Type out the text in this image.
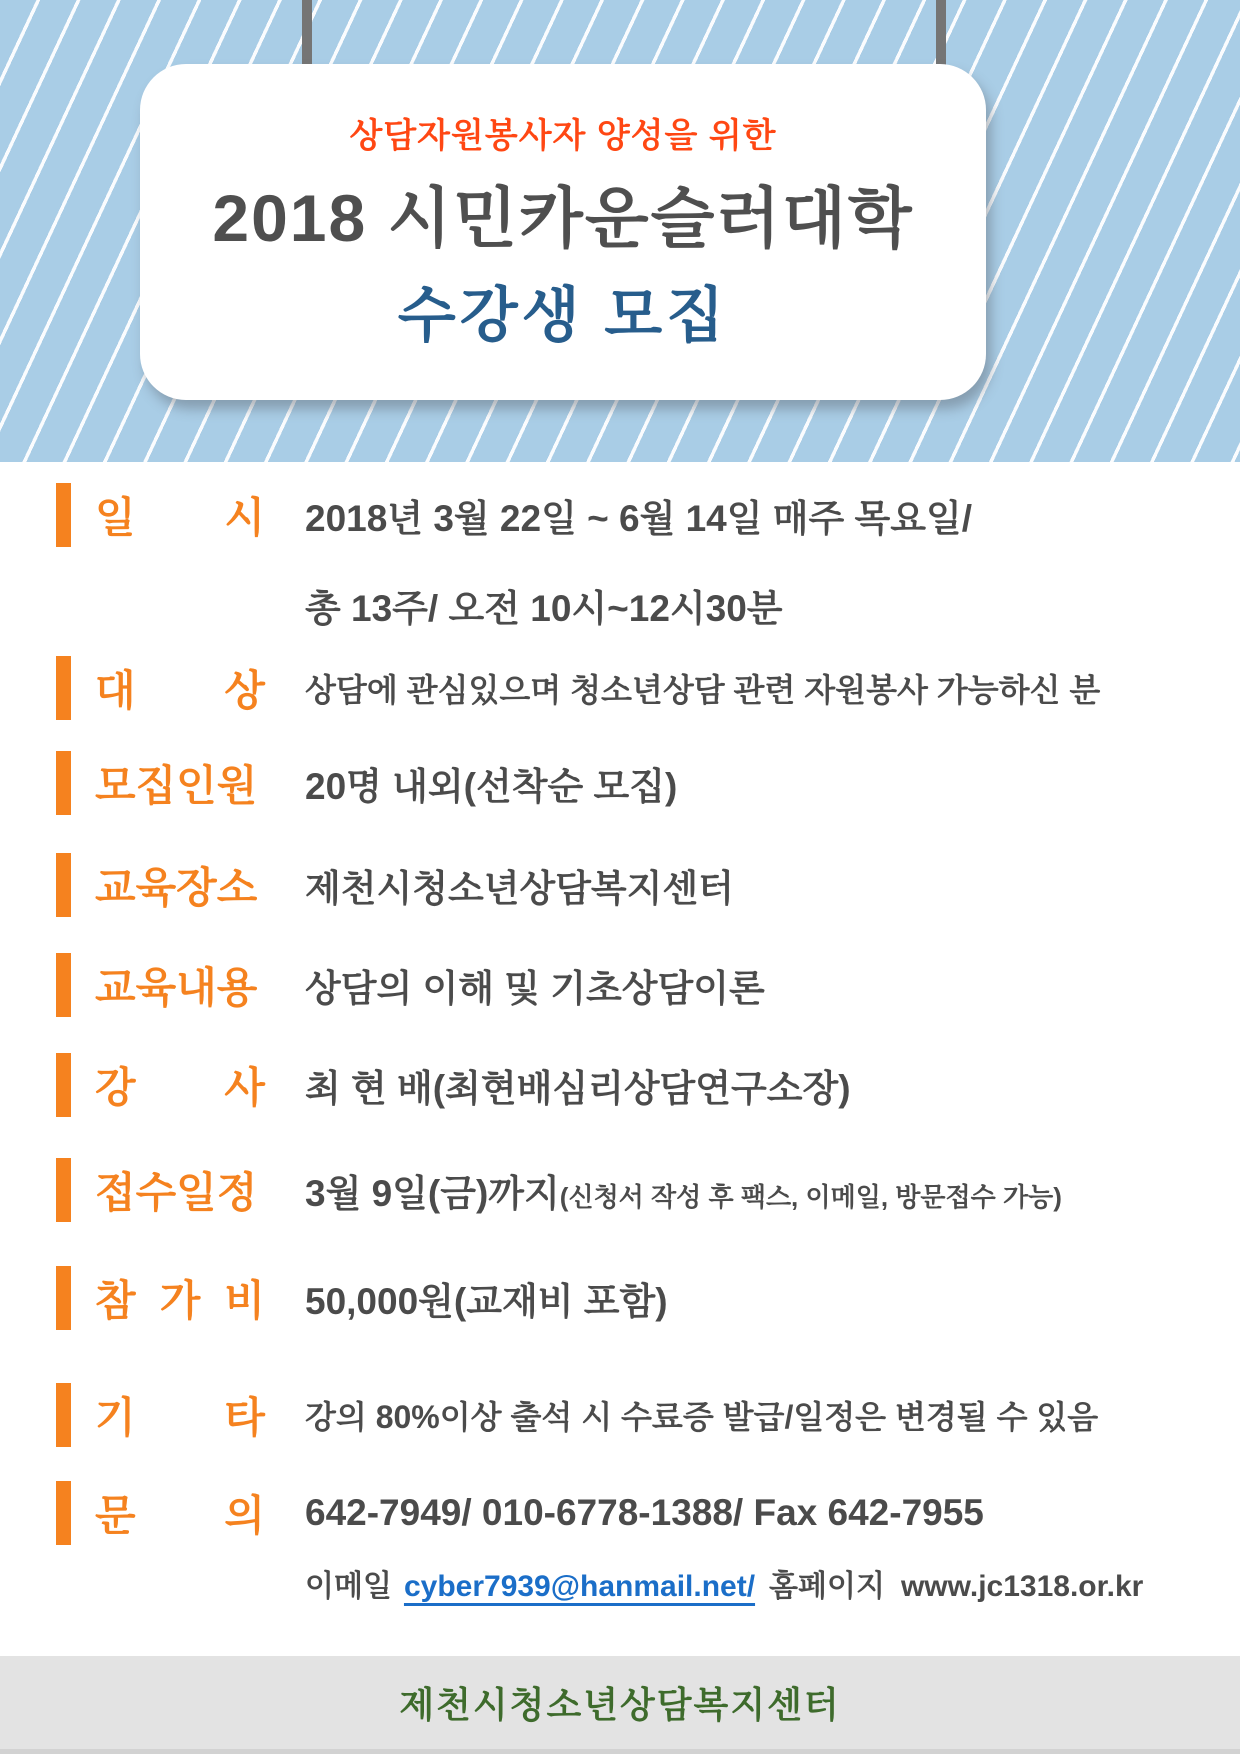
상담자원봉사자 양성을 위한
2018 시민카운슬러대학
수강생 모집
일 시 2018년 3월 22일 ~ 6월 14일 매주 목요일/
총 13주/ 오전 10시~12시30분
대 상 상담에 관심있으며 청소년상담 관련 자원봉사 가능하신 분
모집인원 20명 내외(선착순 모집)
교육장소 제천시청소년상담복지센터
교육내용 상담의 이해 및 기초상담이론
강 사 최 현 배(최현배심리상담연구소장)
접수일정 3월 9일(금)까지(신청서 작성 후 팩스, 이메일, 방문접수 가능)
참 가 비 50,000원(교재비 포함)
기 타 강의 80%이상 출석 시 수료증 발급/일정은 변경될 수 있음
문 의 642-7949/ 010-6778-1388/ Fax 642-7955
이메일 cyber7939@hanmail.net/ 홈페이지 www.jc1318.or.kr
제천시청소년상담복지센터
